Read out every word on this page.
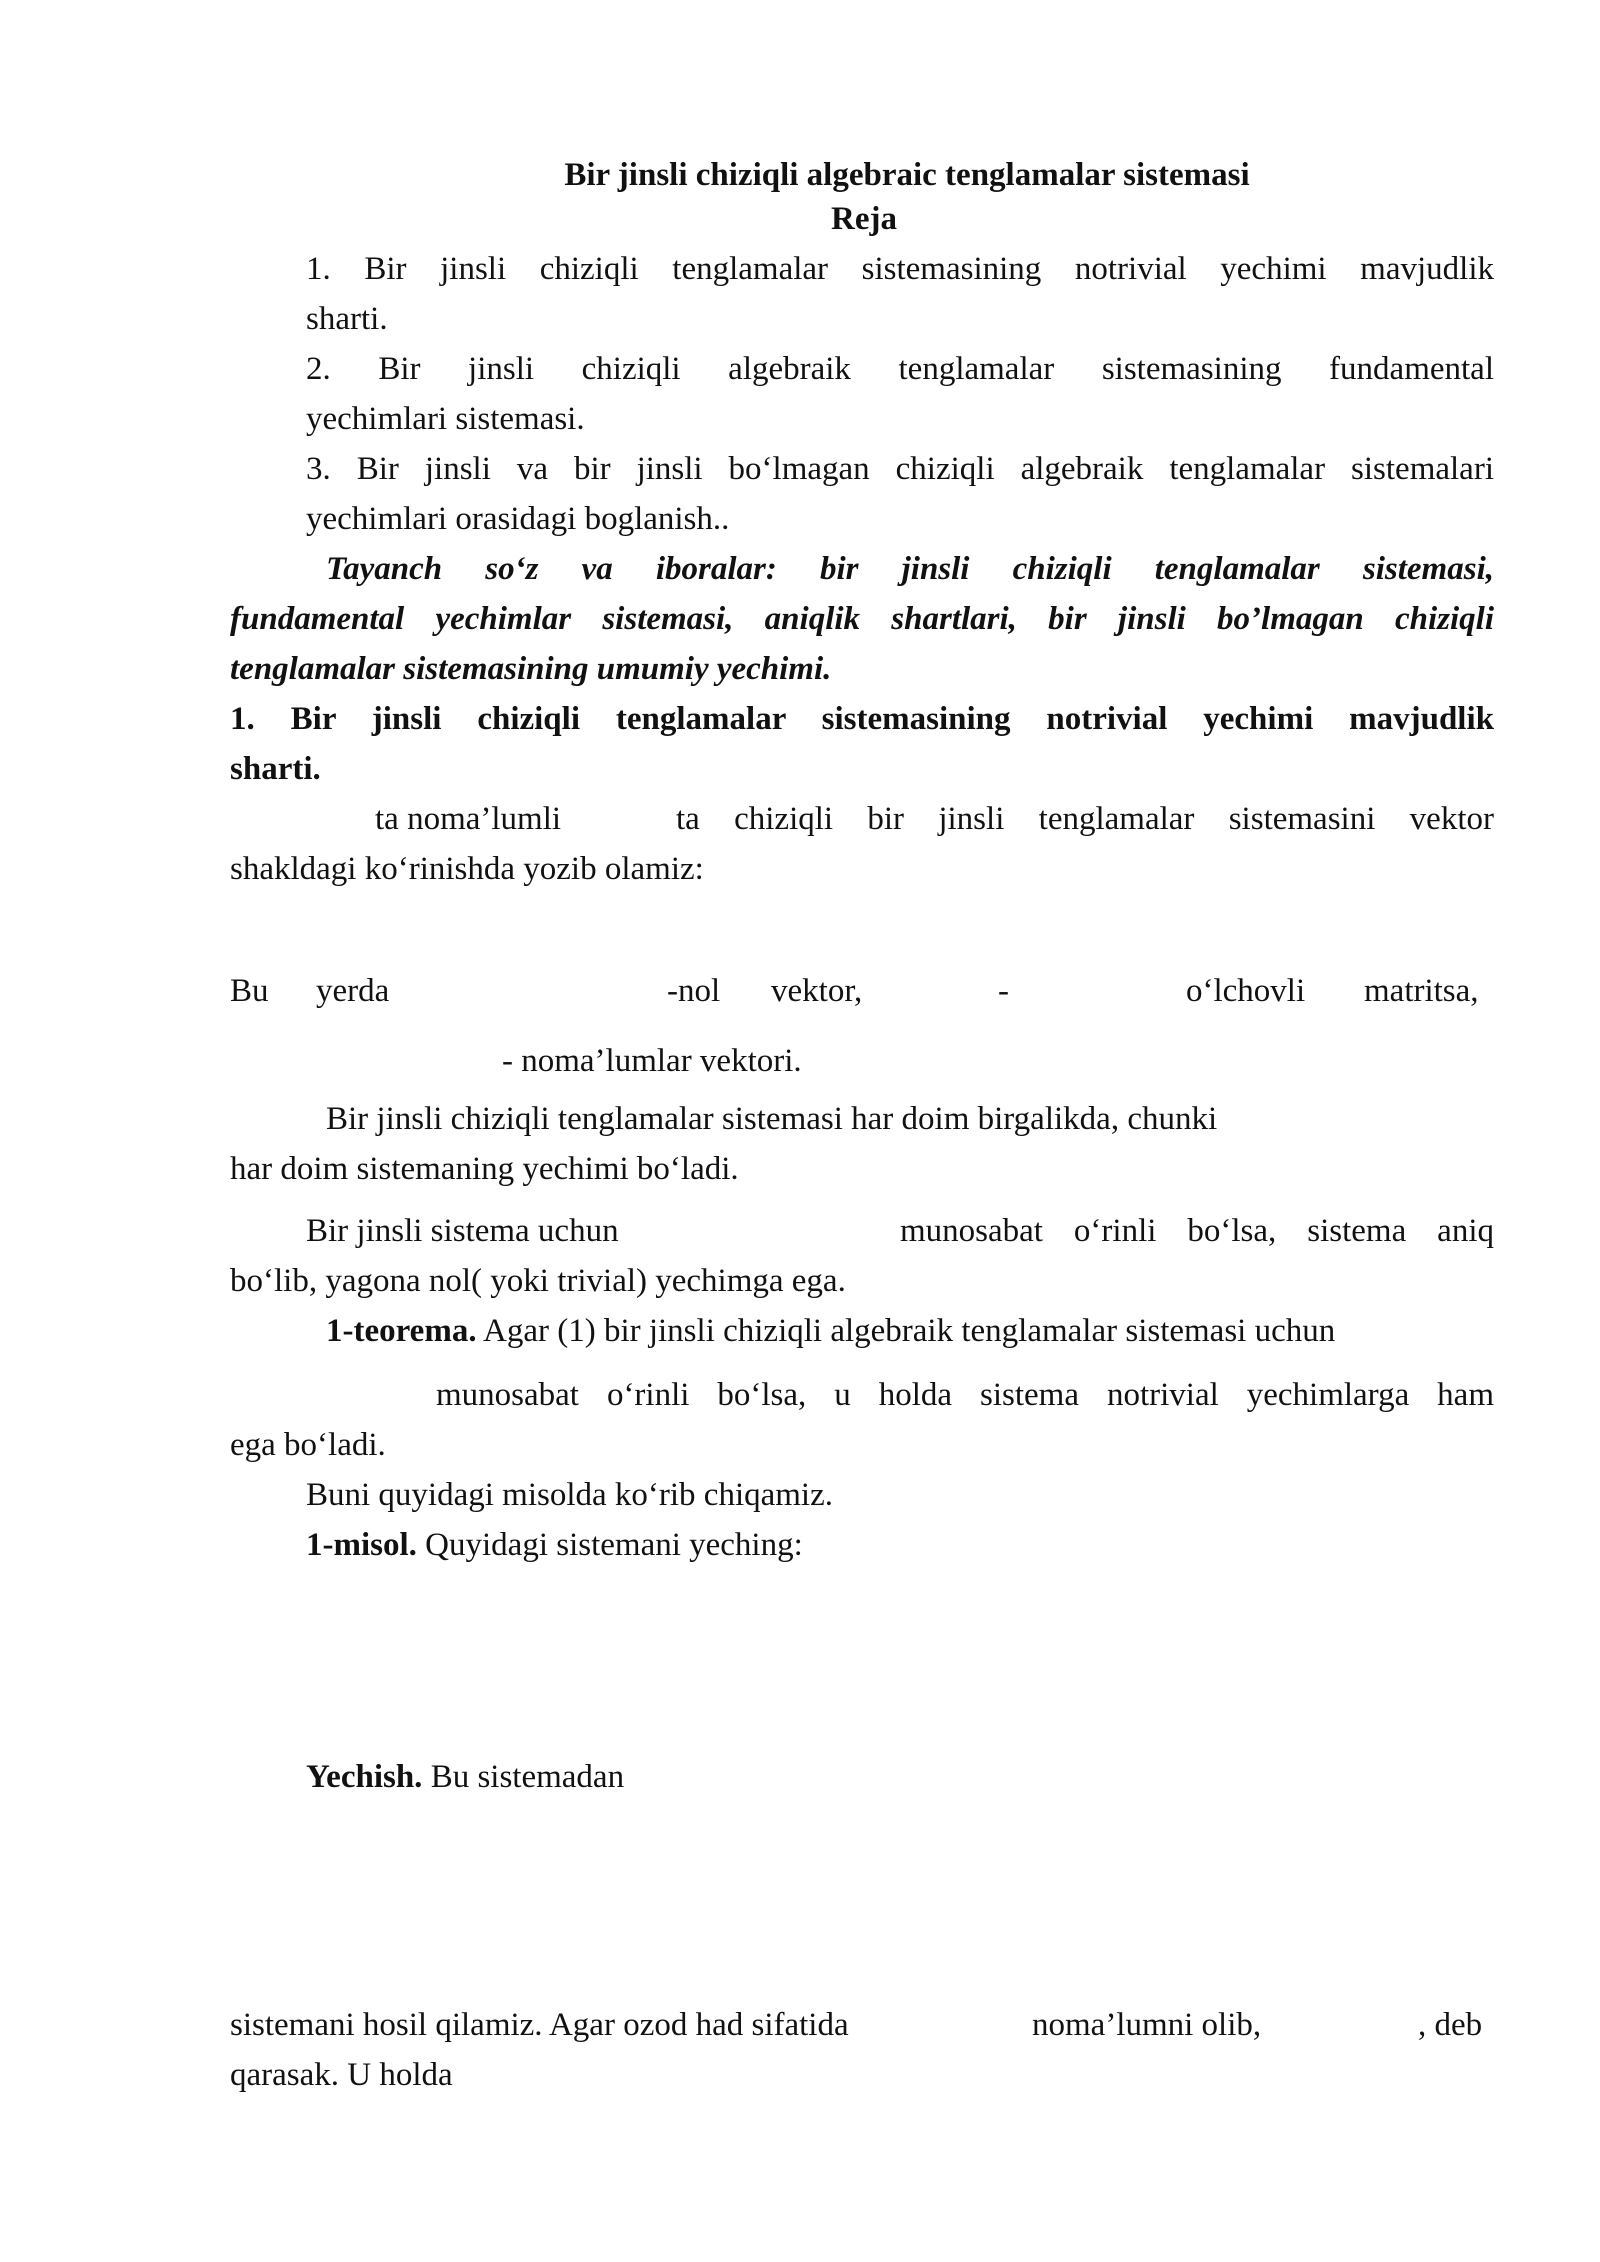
Bir jinsli chiziqli algebraic tenglamalar sistemasi
Reja
1. Bir jinsli chiziqli tenglamalar sistemasining notrivial yechimi mavjudlik
sharti.
2. Bir jinsli chiziqli algebraik tenglamalar sistemasining fundamental
yechimlari sistemasi.
3. Bir jinsli va bir jinsli bo‘lmagan chiziqli algebraik tenglamalar sistemalari
yechimlari orasidagi boglanish..
Tayanch so‘z va iboralar: bir jinsli chiziqli tenglamalar sistemasi,
fundamental yechimlar sistemasi, aniqlik shartlari, bir jinsli bo’lmagan chiziqli
tenglamalar sistemasining umumiy yechimi.
1. Bir jinsli chiziqli tenglamalar sistemasining notrivial yechimi mavjudlik
sharti.
ta noma’lumli	ta chiziqli bir jinsli tenglamalar sistemasini vektor
shakldagi ko‘rinishda yozib olamiz:
Bu yerda	-nol vektor,	-	o‘lchovli matritsa,
- noma’lumlar vektori.
Bir jinsli chiziqli tenglamalar sistemasi har doim birgalikda, chunki
har doim sistemaning yechimi bo‘ladi.
Bir jinsli sistema uchun	munosabat o‘rinli bo‘lsa, sistema aniq
bo‘lib, yagona nol( yoki trivial) yechimga ega.
1-teorema. Agar (1) bir jinsli chiziqli algebraik tenglamalar sistemasi uchun
munosabat o‘rinli bo‘lsa, u holda sistema notrivial yechimlarga ham
ega bo‘ladi.
Buni quyidagi misolda ko‘rib chiqamiz.
1-misol. Quyidagi sistemani yeching:
Yechish. Bu sistemadan
sistemani hosil qilamiz. Agar ozod had sifatida	noma’lumni olib,	, deb
qarasak. U holda
